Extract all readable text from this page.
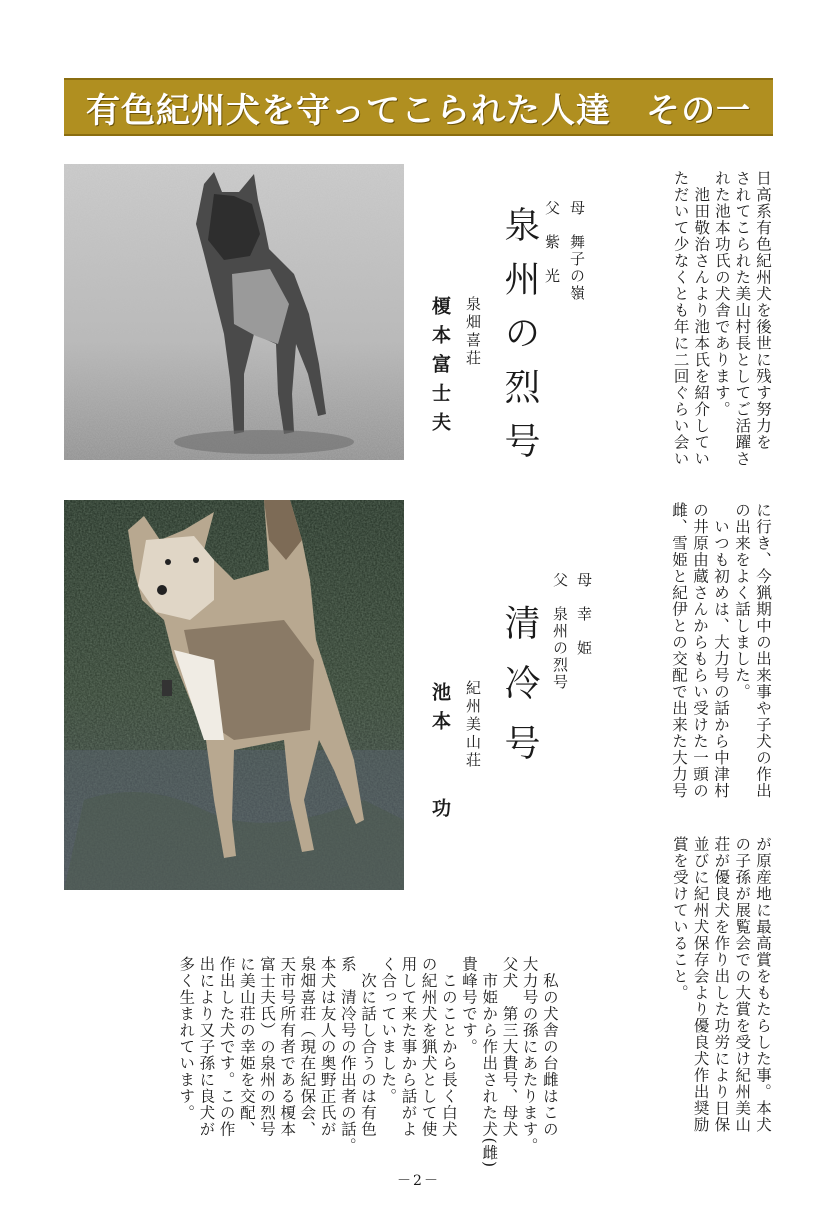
有色紀州犬を守ってこられた人達　その一
日高系有色紀州犬を後世に残す努力を
されてこられた美山村長としてご活躍さ
れた池本功氏の犬舎であります。
　池田敬治さんより池本氏を紹介してい
ただいて少なくとも年に二回ぐらい会い
父　紫　光 母　舞子の嶺
泉州の烈号
泉畑喜荘
榎本富士夫
に行き、今猟期中の出来事や子犬の作出
の出来をよく話しました。
　いつも初めは、大力号の話から中津村
の井原由蔵さんからもらい受けた一頭の
雌、雪姫と紀伊との交配で出来た大力号
父　泉州の烈号 母　幸　姫
清冷号
紀州美山荘
池本　　功
が原産地に最高賞をもたらした事。本犬
の子孫が展覧会での大賞を受け紀州美山
荘が優良犬を作り出した功労により日保
並びに紀州犬保存会より優良犬作出奨励
賞を受けていること。
　私の犬舎の台雌はこの
大力号の孫にあたります。
父犬　第三大貴号、母犬
　市姫から作出された犬(雌)
貴峰号です。
　このことから長く白犬
の紀州犬を猟犬として使
用して来た事から話がよ
く合っていました。
　次に話し合うのは有色
系　清冷号の作出者の話。
本犬は友人の奥野正氏が
泉畑喜荘（現在紀保会、
天市号所有者である榎本
富士夫氏）の泉州の烈号
に美山荘の幸姫を交配、
作出した犬です。この作
出により又子孫に良犬が
多く生まれています。
－2－
